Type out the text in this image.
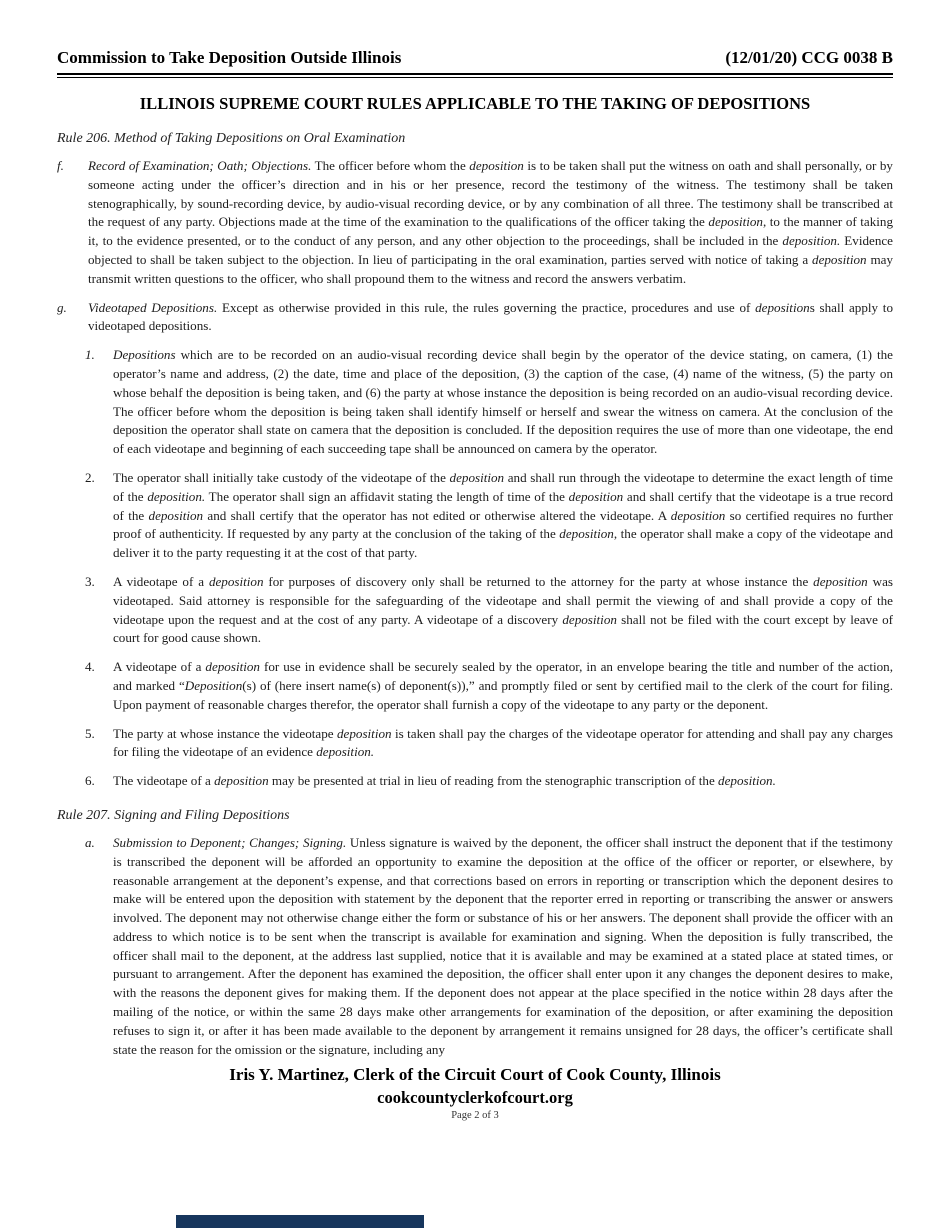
Commission to Take Deposition Outside Illinois	(12/01/20) CCG 0038 B
ILLINOIS SUPREME COURT RULES APPLICABLE TO THE TAKING OF DEPOSITIONS
Rule 206. Method of Taking Depositions on Oral Examination
f.	Record of Examination; Oath; Objections. The officer before whom the deposition is to be taken shall put the witness on oath and shall personally, or by someone acting under the officer’s direction and in his or her presence, record the testimony of the witness. The testimony shall be taken stenographically, by sound-recording device, by audio-visual recording device, or by any combination of all three. The testimony shall be transcribed at the request of any party. Objections made at the time of the examination to the qualifications of the officer taking the deposition, to the manner of taking it, to the evidence presented, or to the conduct of any person, and any other objection to the proceedings, shall be included in the deposition. Evidence objected to shall be taken subject to the objection. In lieu of participating in the oral examination, parties served with notice of taking a deposition may transmit written questions to the officer, who shall propound them to the witness and record the answers verbatim.
g.	Videotaped Depositions. Except as otherwise provided in this rule, the rules governing the practice, procedures and use of depositions shall apply to videotaped depositions.
1.	Depositions which are to be recorded on an audio-visual recording device shall begin by the operator of the device stating, on camera, (1) the operator’s name and address, (2) the date, time and place of the deposition, (3) the caption of the case, (4) name of the witness, (5) the party on whose behalf the deposition is being taken, and (6) the party at whose instance the deposition is being recorded on an audio-visual recording device. The officer before whom the deposition is being taken shall identify himself or herself and swear the witness on camera. At the conclusion of the deposition the operator shall state on camera that the deposition is concluded. If the deposition requires the use of more than one videotape, the end of each videotape and beginning of each succeeding tape shall be announced on camera by the operator.
2.	The operator shall initially take custody of the videotape of the deposition and shall run through the videotape to determine the exact length of time of the deposition. The operator shall sign an affidavit stating the length of time of the deposition and shall certify that the videotape is a true record of the deposition and shall certify that the operator has not edited or otherwise altered the videotape. A deposition so certified requires no further proof of authenticity. If requested by any party at the conclusion of the taking of the deposition, the operator shall make a copy of the videotape and deliver it to the party requesting it at the cost of that party.
3.	A videotape of a deposition for purposes of discovery only shall be returned to the attorney for the party at whose instance the deposition was videotaped. Said attorney is responsible for the safeguarding of the videotape and shall permit the viewing of and shall provide a copy of the videotape upon the request and at the cost of any party. A videotape of a discovery deposition shall not be filed with the court except by leave of court for good cause shown.
4.	A videotape of a deposition for use in evidence shall be securely sealed by the operator, in an envelope bearing the title and number of the action, and marked “Deposition(s) of (here insert name(s) of deponent(s)),” and promptly filed or sent by certified mail to the clerk of the court for filing. Upon payment of reasonable charges therefor, the operator shall furnish a copy of the videotape to any party or the deponent.
5.	The party at whose instance the videotape deposition is taken shall pay the charges of the videotape operator for attending and shall pay any charges for filing the videotape of an evidence deposition.
6.	The videotape of a deposition may be presented at trial in lieu of reading from the stenographic transcription of the deposition.
Rule 207. Signing and Filing Depositions
a.	Submission to Deponent; Changes; Signing. Unless signature is waived by the deponent, the officer shall instruct the deponent that if the testimony is transcribed the deponent will be afforded an opportunity to examine the deposition at the office of the officer or reporter, or elsewhere, by reasonable arrangement at the deponent’s expense, and that corrections based on errors in reporting or transcription which the deponent desires to make will be entered upon the deposition with statement by the deponent that the reporter erred in reporting or transcribing the answer or answers involved. The deponent may not otherwise change either the form or substance of his or her answers. The deponent shall provide the officer with an address to which notice is to be sent when the transcript is available for examination and signing. When the deposition is fully transcribed, the officer shall mail to the deponent, at the address last supplied, notice that it is available and may be examined at a stated place at stated times, or pursuant to arrangement. After the deponent has examined the deposition, the officer shall enter upon it any changes the deponent desires to make, with the reasons the deponent gives for making them. If the deponent does not appear at the place specified in the notice within 28 days after the mailing of the notice, or within the same 28 days make other arrangements for examination of the deposition, or after examining the deposition refuses to sign it, or after it has been made available to the deponent by arrangement it remains unsigned for 28 days, the officer’s certificate shall state the reason for the omission or the signature, including any
Iris Y. Martinez, Clerk of the Circuit Court of Cook County, Illinois
cookcountyclerkofcourt.org
Page 2 of 3
